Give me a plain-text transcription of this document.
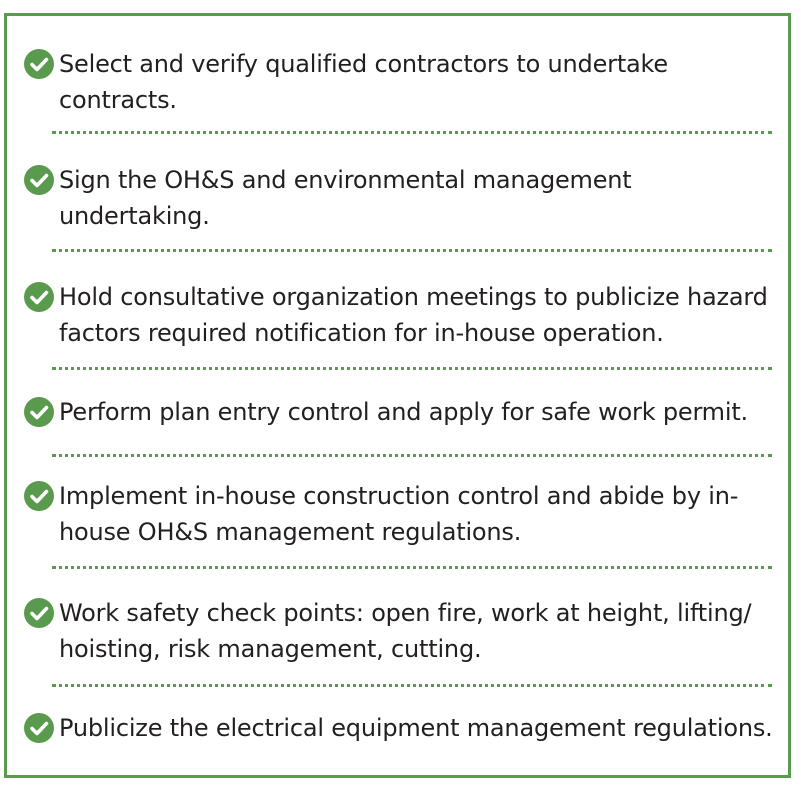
Select and verify qualified contractors to undertake
contracts.
Sign the OH&S and environmental management
undertaking.
Hold consultative organization meetings to publicize hazard
factors required notification for in-house operation.
Perform plan entry control and apply for safe work permit.
Implement in-house construction control and abide by in-
house OH&S management regulations.
Work safety check points: open fire, work at height, lifting/
hoisting, risk management, cutting.
Publicize the electrical equipment management regulations.
